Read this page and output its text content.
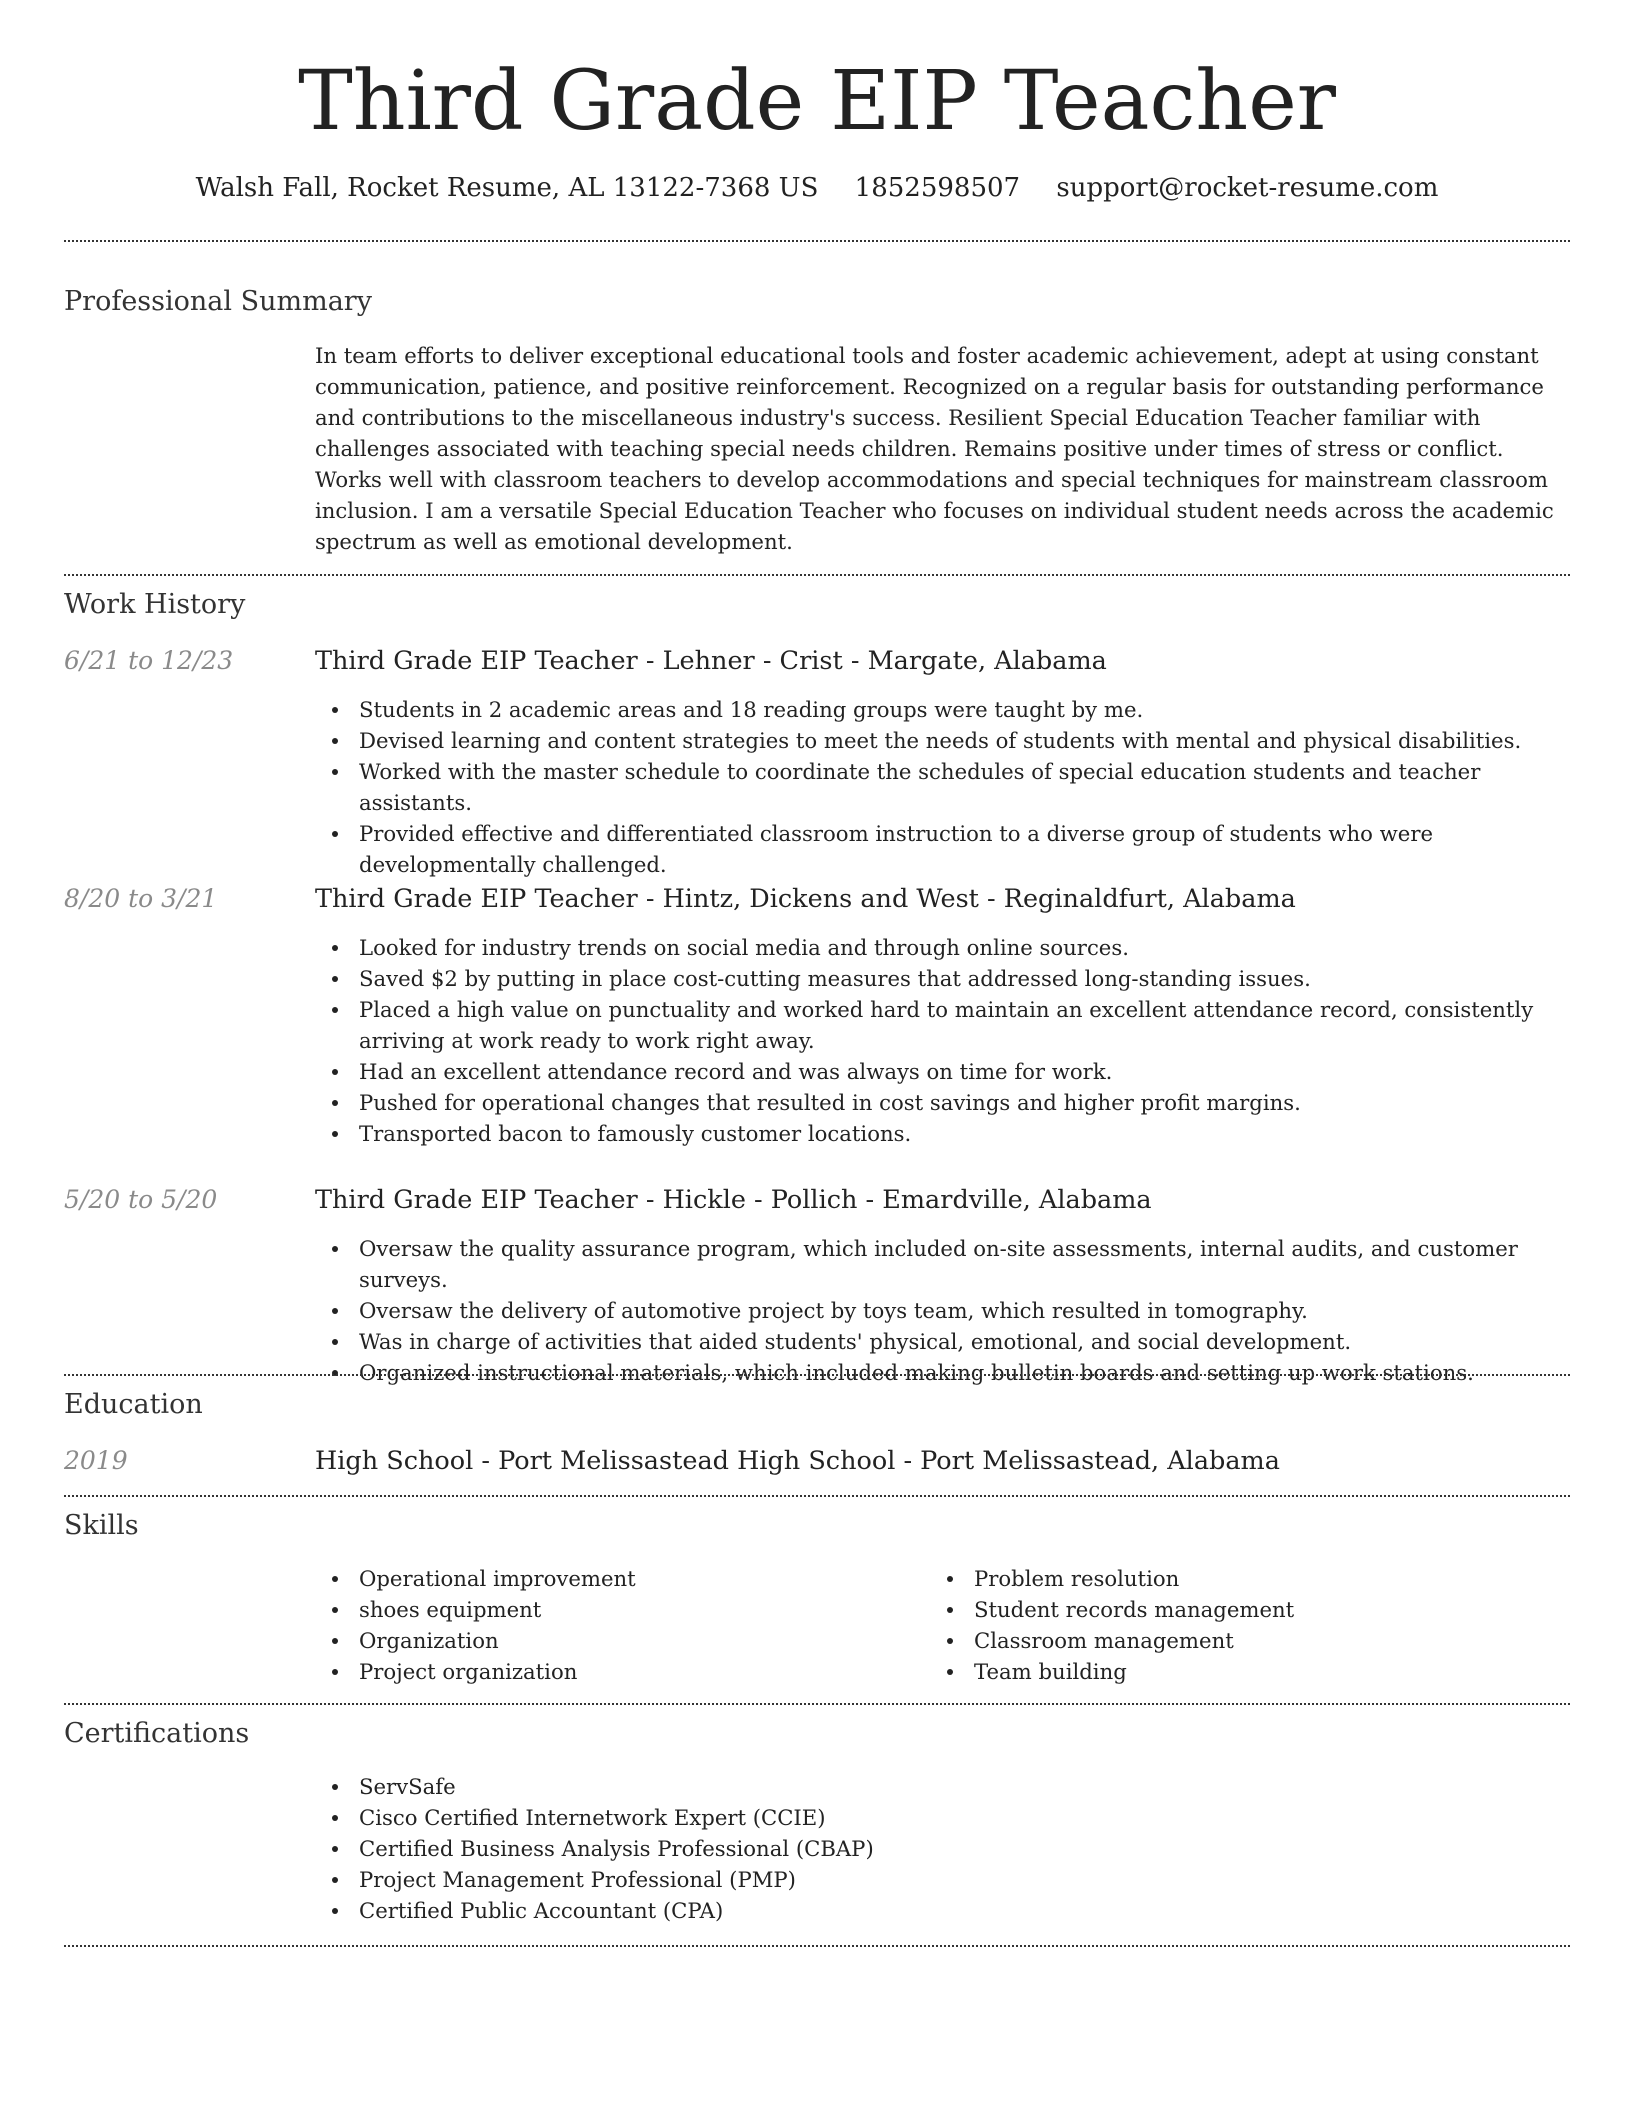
Third Grade EIP Teacher
Walsh Fall, Rocket Resume, AL 13122-7368 US 1852598507 support@rocket-resume.com
Professional Summary
In team efforts to deliver exceptional educational tools and foster academic achievement, adept at using constant communication, patience, and positive reinforcement. Recognized on a regular basis for outstanding performance and contributions to the miscellaneous industry's success. Resilient Special Education Teacher familiar with challenges associated with teaching special needs children. Remains positive under times of stress or conflict. Works well with classroom teachers to develop accommodations and special techniques for mainstream classroom inclusion. I am a versatile Special Education Teacher who focuses on individual student needs across the academic spectrum as well as emotional development.
Work History
6/21 to 12/23	Third Grade EIP Teacher - Lehner - Crist - Margate, Alabama
Students in 2 academic areas and 18 reading groups were taught by me.
Devised learning and content strategies to meet the needs of students with mental and physical disabilities.
Worked with the master schedule to coordinate the schedules of special education students and teacher assistants.
Provided effective and differentiated classroom instruction to a diverse group of students who were developmentally challenged.
8/20 to 3/21	Third Grade EIP Teacher - Hintz, Dickens and West - Reginaldfurt, Alabama
Looked for industry trends on social media and through online sources.
Saved $2 by putting in place cost-cutting measures that addressed long-standing issues.
Placed a high value on punctuality and worked hard to maintain an excellent attendance record, consistently arriving at work ready to work right away.
Had an excellent attendance record and was always on time for work.
Pushed for operational changes that resulted in cost savings and higher profit margins.
Transported bacon to famously customer locations.
5/20 to 5/20	Third Grade EIP Teacher - Hickle - Pollich - Emardville, Alabama
Oversaw the quality assurance program, which included on-site assessments, internal audits, and customer surveys.
Oversaw the delivery of automotive project by toys team, which resulted in tomography.
Was in charge of activities that aided students' physical, emotional, and social development.
Organized instructional materials, which included making bulletin boards and setting up work stations.
Education
2019	High School - Port Melissastead High School - Port Melissastead, Alabama
Skills
Operational improvement
shoes equipment
Organization
Project organization
Problem resolution
Student records management
Classroom management
Team building
Certifications
ServSafe
Cisco Certified Internetwork Expert (CCIE)
Certified Business Analysis Professional (CBAP)
Project Management Professional (PMP)
Certified Public Accountant (CPA)
